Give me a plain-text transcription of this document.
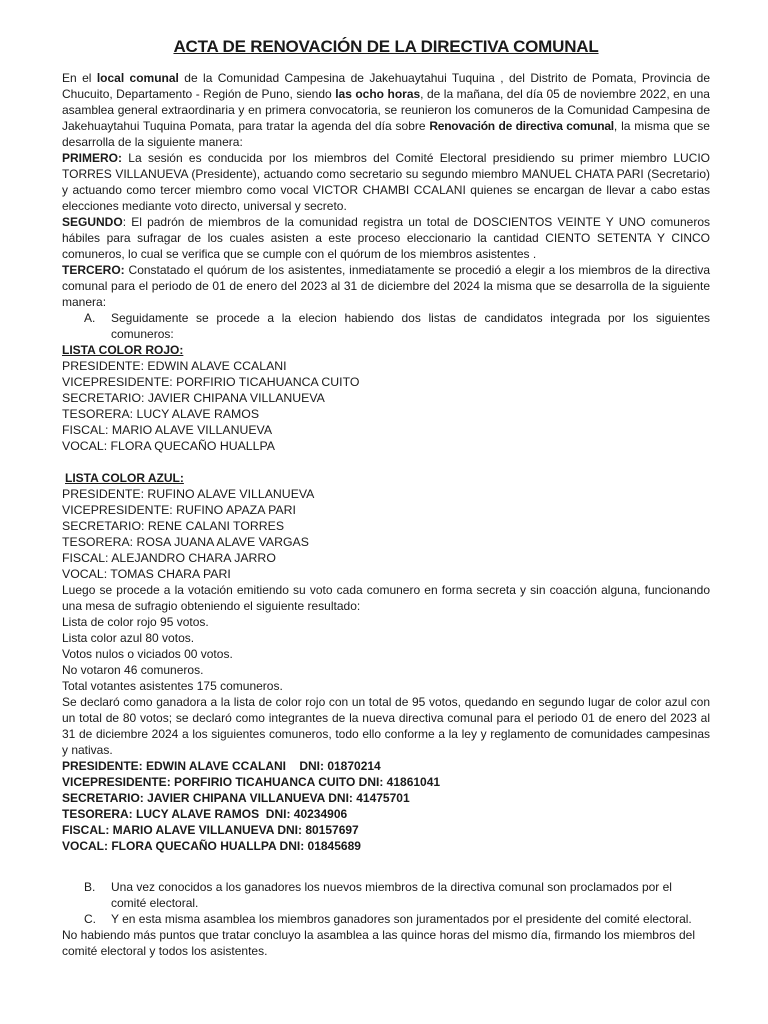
ACTA DE RENOVACIÓN DE LA DIRECTIVA COMUNAL

En el local comunal de la Comunidad Campesina de Jakehuaytahui Tuquina , del Distrito de Pomata, Provincia de Chucuito, Departamento - Región de Puno, siendo las ocho horas, de la mañana, del día 05 de noviembre 2022, en una asamblea general extraordinaria y en primera convocatoria, se reunieron los comuneros de la Comunidad Campesina de Jakehuaytahui Tuquina Pomata, para tratar la agenda del día sobre Renovación de directiva comunal, la misma que se desarrolla de la siguiente manera:

PRIMERO: La sesión es conducida por los miembros del Comité Electoral presidiendo su primer miembro LUCIO TORRES VILLANUEVA (Presidente), actuando como secretario su segundo miembro MANUEL CHATA PARI (Secretario) y actuando como tercer miembro como vocal VICTOR CHAMBI CCALANI quienes se encargan de llevar a cabo estas elecciones mediante voto directo, universal y secreto.

SEGUNDO: El padrón de miembros de la comunidad registra un total de DOSCIENTOS VEINTE Y UNO comuneros hábiles para sufragar de los cuales asisten a este proceso eleccionario la cantidad CIENTO SETENTA Y CINCO comuneros, lo cual se verifica que se cumple con el quórum de los miembros asistentes .

TERCERO: Constatado el quórum de los asistentes, inmediatamente se procedió a elegir a los miembros de la directiva comunal para el periodo de 01 de enero del 2023 al 31 de diciembre del 2024 la misma que se desarrolla de la siguiente manera:

A.	Seguidamente se procede a la elecion habiendo dos listas de candidatos integrada por los siguientes comuneros:
LISTA COLOR ROJO:
PRESIDENTE: EDWIN ALAVE CCALANI
VICEPRESIDENTE: PORFIRIO TICAHUANCA CUITO
SECRETARIO: JAVIER CHIPANA VILLANUEVA
TESORERA: LUCY ALAVE RAMOS
FISCAL: MARIO ALAVE VILLANUEVA
VOCAL: FLORA QUECAÑO HUALLPA
LISTA COLOR AZUL:
PRESIDENTE: RUFINO ALAVE VILLANUEVA
VICEPRESIDENTE: RUFINO APAZA PARI
SECRETARIO: RENE CALANI TORRES
TESORERA: ROSA JUANA ALAVE VARGAS
FISCAL: ALEJANDRO CHARA JARRO
VOCAL: TOMAS CHARA PARI

Luego se procede a la votación emitiendo su voto cada comunero en forma secreta y sin coacción alguna, funcionando una mesa de sufragio obteniendo el siguiente resultado:

Lista de color rojo 95 votos.
Lista color azul 80 votos.
Votos nulos o viciados 00 votos.
No votaron 46 comuneros.
Total votantes asistentes 175 comuneros.

Se declaró como ganadora a la lista de color rojo con un total de 95 votos, quedando en segundo lugar de color azul con un total de 80 votos; se declaró como integrantes de la nueva directiva comunal para el periodo 01 de enero del 2023 al 31 de diciembre 2024 a los siguientes comuneros, todo ello conforme a la ley y reglamento de comunidades campesinas y nativas.

PRESIDENTE: EDWIN ALAVE CCALANI    DNI: 01870214
VICEPRESIDENTE: PORFIRIO TICAHUANCA CUITO DNI: 41861041
SECRETARIO: JAVIER CHIPANA VILLANUEVA DNI: 41475701
TESORERA: LUCY ALAVE RAMOS  DNI: 40234906
FISCAL: MARIO ALAVE VILLANUEVA DNI: 80157697
VOCAL: FLORA QUECAÑO HUALLPA DNI: 01845689
B.	Una vez conocidos a los ganadores los nuevos miembros de la directiva comunal son proclamados por el comité electoral.
C.	Y en esta misma asamblea los miembros ganadores son juramentados por el presidente del comité electoral.

No habiendo más puntos que tratar concluyo la asamblea a las quince horas del mismo día, firmando los miembros del comité electoral y todos los asistentes.
